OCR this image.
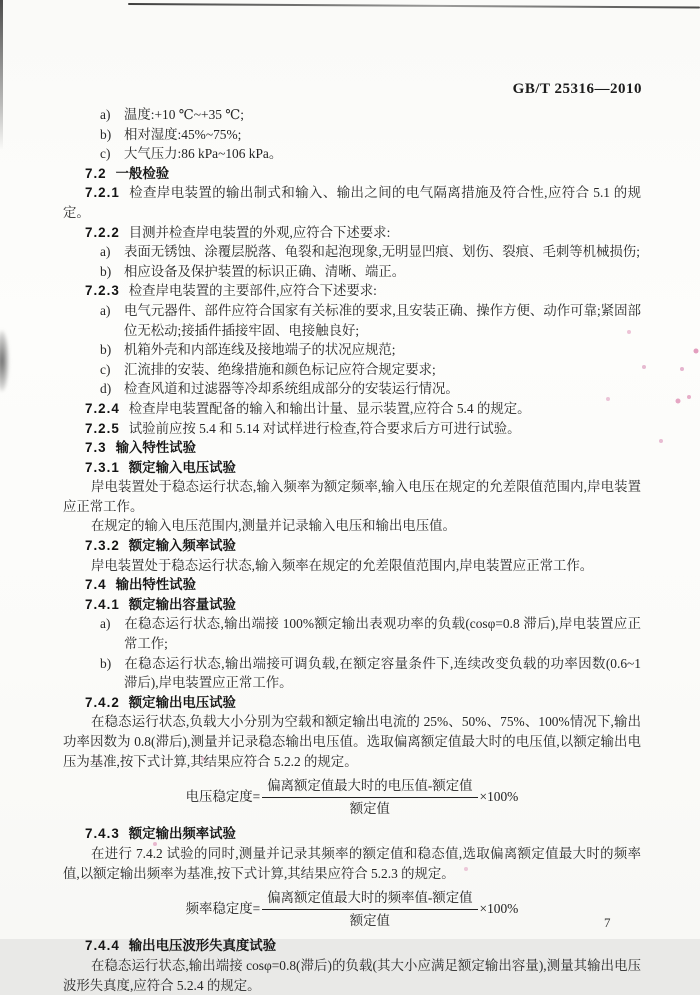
GB/T 25316—2010
a) 温度:+10 ℃~+35 ℃;
b) 相对湿度:45%~75%;
c) 大气压力:86 kPa~106 kPa。
7.2 一般检验
7.2.1 检查岸电装置的输出制式和输入、输出之间的电气隔离措施及符合性,应符合 5.1 的规定。
7.2.2 目测并检查岸电装置的外观,应符合下述要求:
a) 表面无锈蚀、涂覆层脱落、龟裂和起泡现象,无明显凹痕、划伤、裂痕、毛刺等机械损伤;
b) 相应设备及保护装置的标识正确、清晰、端正。
7.2.3 检查岸电装置的主要部件,应符合下述要求:
a) 电气元器件、部件应符合国家有关标准的要求,且安装正确、操作方便、动作可靠;紧固部位无松动;接插件插接牢固、电接触良好;
b) 机箱外壳和内部连线及接地端子的状况应规范;
c) 汇流排的安装、绝缘措施和颜色标记应符合规定要求;
d) 检查风道和过滤器等冷却系统组成部分的安装运行情况。
7.2.4 检查岸电装置配备的输入和输出计量、显示装置,应符合 5.4 的规定。
7.2.5 试验前应按 5.4 和 5.14 对试样进行检查,符合要求后方可进行试验。
7.3 输入特性试验
7.3.1 额定输入电压试验
岸电装置处于稳态运行状态,输入频率为额定频率,输入电压在规定的允差限值范围内,岸电装置应正常工作。
在规定的输入电压范围内,测量并记录输入电压和输出电压值。
7.3.2 额定输入频率试验
岸电装置处于稳态运行状态,输入频率在规定的允差限值范围内,岸电装置应正常工作。
7.4 输出特性试验
7.4.1 额定输出容量试验
a) 在稳态运行状态,输出端接 100%额定输出表观功率的负载(cosφ=0.8 滞后),岸电装置应正常工作;
b) 在稳态运行状态,输出端接可调负载,在额定容量条件下,连续改变负载的功率因数(0.6~1 滞后),岸电装置应正常工作。
7.4.2 额定输出电压试验
在稳态运行状态,负载大小分别为空载和额定输出电流的 25%、50%、75%、100%情况下,输出功率因数为 0.8(滞后),测量并记录稳态输出电压值。选取偏离额定值最大时的电压值,以额定输出电压为基准,按下式计算,其结果应符合 5.2.2 的规定。
电压稳定度= $\frac{\text{偏离额定值最大时的电压值-额定值}}{\text{额定值}} \times 100\%$
7.4.3 额定输出频率试验
在进行 7.4.2 试验的同时,测量并记录其频率的额定值和稳态值,选取偏离额定值最大时的频率值,以额定输出频率为基准,按下式计算,其结果应符合 5.2.3 的规定。
频率稳定度= $\frac{\text{偏离额定值最大时的频率值-额定值}}{\text{额定值}} \times 100\%$
7.4.4 输出电压波形失真度试验
在稳态运行状态,输出端接 cosφ=0.8(滞后)的负载(其大小应满足额定输出容量),测量其输出电压波形失真度,应符合 5.2.4 的规定。
7
